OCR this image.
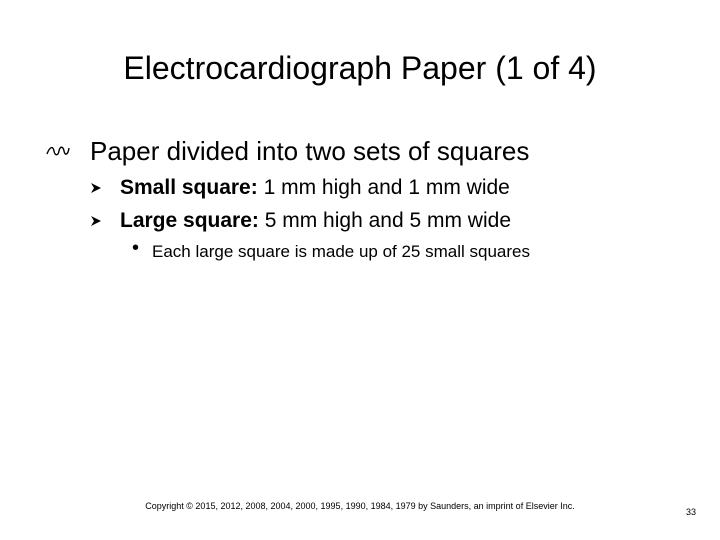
Electrocardiograph Paper (1 of 4)
Paper divided into two sets of squares
Small square: 1 mm high and 1 mm wide
Large square: 5 mm high and 5 mm wide
• Each large square is made up of 25 small squares
Copyright © 2015, 2012, 2008, 2004, 2000, 1995, 1990, 1984, 1979 by Saunders, an imprint of Elsevier Inc.
33
